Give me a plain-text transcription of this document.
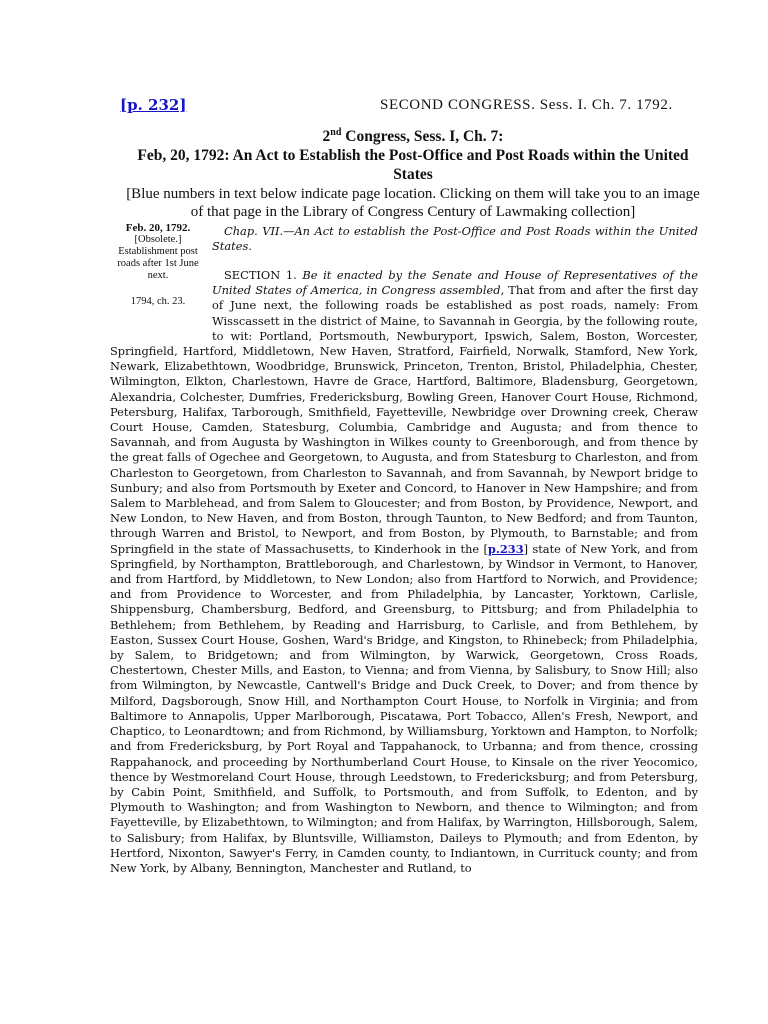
[p. 232]	SECOND CONGRESS. Sess. I. Ch. 7. 1792.
2nd Congress, Sess. I, Ch. 7:
Feb, 20, 1792: An Act to Establish the Post-Office and Post Roads within the United States
[Blue numbers in text below indicate page location. Clicking on them will take you to an image of that page in the Library of Congress Century of Lawmaking collection]
Feb. 20, 1792.
[Obsolete.]
Establishment post roads after 1st June next.
1794, ch. 23.
Chap. VII.—An Act to establish the Post-Office and Post Roads within the United States.
SECTION 1. Be it enacted by the Senate and House of Representatives of the United States of America, in Congress assembled, That from and after the first day of June next, the following roads be established as post roads, namely: From Wisscassett in the district of Maine, to Savannah in Georgia, by the following route, to wit: Portland, Portsmouth, Newburyport, Ipswich, Salem, Boston, Worcester, Springfield, Hartford, Middletown, New Haven, Stratford, Fairfield, Norwalk, Stamford, New York, Newark, Elizabethtown, Woodbridge, Brunswick, Princeton, Trenton, Bristol, Philadelphia, Chester, Wilmington, Elkton, Charlestown, Havre de Grace, Hartford, Baltimore, Bladensburg, Georgetown, Alexandria, Colchester, Dumfries, Fredericksburg, Bowling Green, Hanover Court House, Richmond, Petersburg, Halifax, Tarborough, Smithfield, Fayetteville, Newbridge over Drowning creek, Cheraw Court House, Camden, Statesburg, Columbia, Cambridge and Augusta; and from thence to Savannah, and from Augusta by Washington in Wilkes county to Greenborough, and from thence by the great falls of Ogechee and Georgetown, to Augusta, and from Statesburg to Charleston, and from Charleston to Georgetown, from Charleston to Savannah, and from Savannah, by Newport bridge to Sunbury; and also from Portsmouth by Exeter and Concord, to Hanover in New Hampshire; and from Salem to Marblehead, and from Salem to Gloucester; and from Boston, by Providence, Newport, and New London, to New Haven, and from Boston, through Taunton, to New Bedford; and from Taunton, through Warren and Bristol, to Newport, and from Boston, by Plymouth, to Barnstable; and from Springfield in the state of Massachusetts, to Kinderhook in the [p.233] state of New York, and from Springfield, by Northampton, Brattleborough, and Charlestown, by Windsor in Vermont, to Hanover, and from Hartford, by Middletown, to New London; also from Hartford to Norwich, and Providence; and from Providence to Worcester, and from Philadelphia, by Lancaster, Yorktown, Carlisle, Shippensburg, Chambersburg, Bedford, and Greensburg, to Pittsburg; and from Philadelphia to Bethlehem; from Bethlehem, by Reading and Harrisburg, to Carlisle, and from Bethlehem, by Easton, Sussex Court House, Goshen, Ward's Bridge, and Kingston, to Rhinebeck; from Philadelphia, by Salem, to Bridgetown; and from Wilmington, by Warwick, Georgetown, Cross Roads, Chestertown, Chester Mills, and Easton, to Vienna; and from Vienna, by Salisbury, to Snow Hill; also from Wilmington, by Newcastle, Cantwell's Bridge and Duck Creek, to Dover; and from thence by Milford, Dagsborough, Snow Hill, and Northampton Court House, to Norfolk in Virginia; and from Baltimore to Annapolis, Upper Marlborough, Piscatawa, Port Tobacco, Allen's Fresh, Newport, and Chaptico, to Leonardtown; and from Richmond, by Williamsburg, Yorktown and Hampton, to Norfolk; and from Fredericksburg, by Port Royal and Tappahanock, to Urbanna; and from thence, crossing Rappahanock, and proceeding by Northumberland Court House, to Kinsale on the river Yeocomico, thence by Westmoreland Court House, through Leedstown, to Fredericksburg; and from Petersburg, by Cabin Point, Smithfield, and Suffolk, to Portsmouth, and from Suffolk, to Edenton, and by Plymouth to Washington; and from Washington to Newborn, and thence to Wilmington; and from Fayetteville, by Elizabethtown, to Wilmington; and from Halifax, by Warrington, Hillsborough, Salem, to Salisbury; from Halifax, by Bluntsville, Williamston, Daileys to Plymouth; and from Edenton, by Hertford, Nixonton, Sawyer's Ferry, in Camden county, to Indiantown, in Currituck county; and from New York, by Albany, Bennington, Manchester and Rutland, to
